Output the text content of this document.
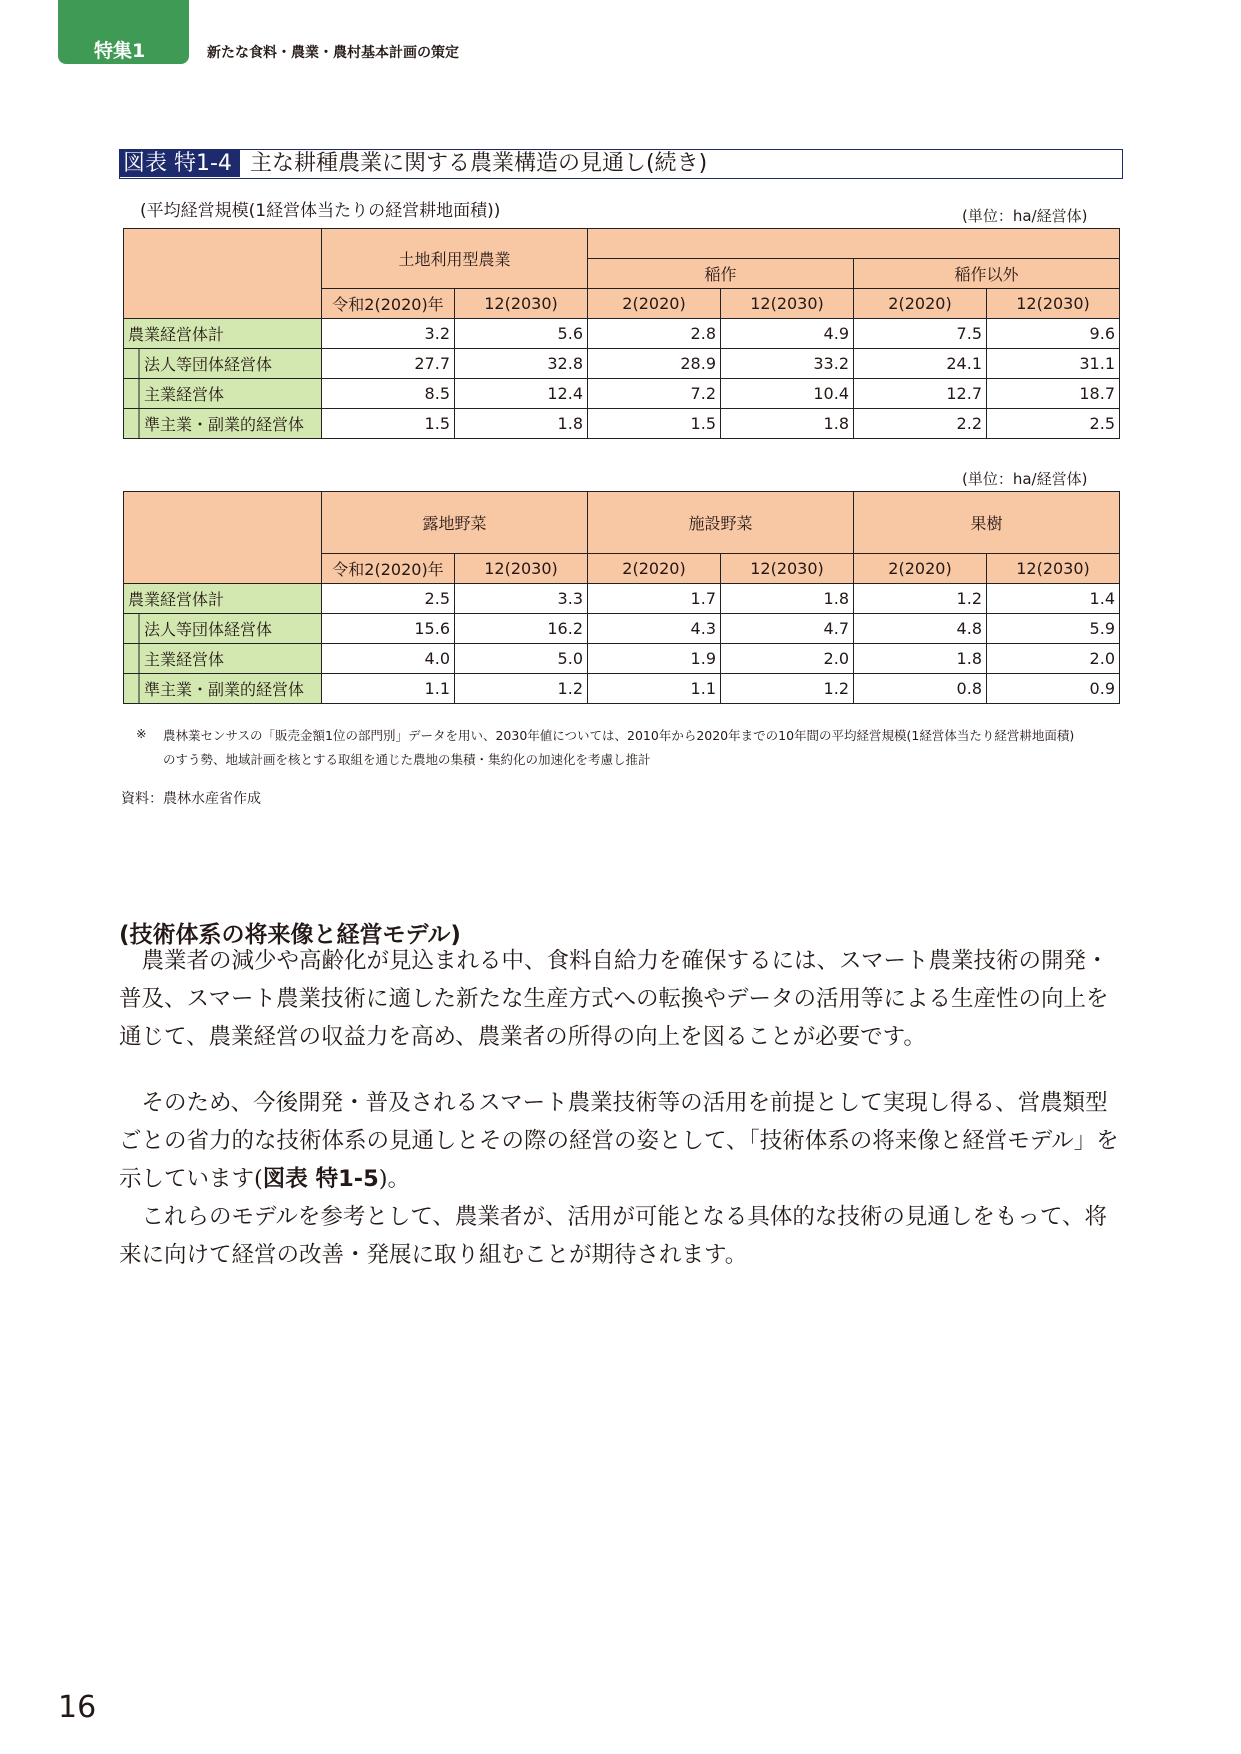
特集1	新たな食料・農業・農村基本計画の策定
図表 特1-4 主な耕種農業に関する農業構造の見通し(続き)
(平均経営規模(1経営体当たりの経営耕地面積))	(単位：ha/経営体)
	土地利用型農業					
			稲作		稲作以外	
	令和2(2020)年	12(2030)	2(2020)	12(2030)	2(2020)	12(2030)
農業経営体計	3.2	5.6	2.8	4.9	7.5	9.6
法人等団体経営体	27.7	32.8	28.9	33.2	24.1	31.1
主業経営体	8.5	12.4	7.2	10.4	12.7	18.7
準主業・副業的経営体	1.5	1.8	1.5	1.8	2.2	2.5
(単位：ha/経営体)
	露地野菜		施設野菜		果樹	
	令和2(2020)年	12(2030)	2(2020)	12(2030)	2(2020)	12(2030)
農業経営体計	2.5	3.3	1.7	1.8	1.2	1.4
法人等団体経営体	15.6	16.2	4.3	4.7	4.8	5.9
主業経営体	4.0	5.0	1.9	2.0	1.8	2.0
準主業・副業的経営体	1.1	1.2	1.1	1.2	0.8	0.9
※ 農林業センサスの「販売金額1位の部門別」データを用い、2030年値については、2010年から2020年までの10年間の平均経営規模(1経営体当たり経営耕地面積)
のすう勢、地域計画を核とする取組を通じた農地の集積・集約化の加速化を考慮し推計
資料：農林水産省作成
(技術体系の将来像と経営モデル)
　農業者の減少や高齢化が見込まれる中、食料自給力を確保するには、スマート農業技術の開発・普及、スマート農業技術に適した新たな生産方式への転換やデータの活用等による生産性の向上を通じて、農業経営の収益力を高め、農業者の所得の向上を図ることが必要です。
　そのため、今後開発・普及されるスマート農業技術等の活用を前提として実現し得る、営農類型ごとの省力的な技術体系の見通しとその際の経営の姿として、「技術体系の将来像と経営モデル」を示しています(図表 特1-5)。
　これらのモデルを参考として、農業者が、活用が可能となる具体的な技術の見通しをもって、将来に向けて経営の改善・発展に取り組むことが期待されます。
16
